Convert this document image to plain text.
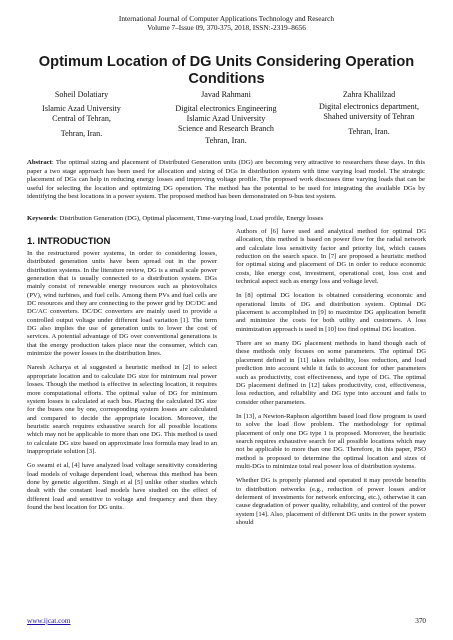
International Journal of Computer Applications Technology and Research
Volume 7–Issue 09, 370-375, 2018, ISSN:-2319–8656
Optimum Location of DG Units Considering Operation
Conditions
Soheil Dolatiary
Islamic Azad University
Central of Tehran,
Tehran, Iran.
Javad Rahmani
Digital electronics Engineering
Islamic Azad University
Science and Research Branch
Tehran, Iran.
Zahra Khalilzad
Digital electronics department,
Shahed university of Tehran
Tehran, Iran.
Abstract: The optimal sizing and placement of Distributed Generation units (DG) are becoming very attractive to researchers these days. In this paper a two stage approach has been used for allocation and sizing of DGs in distribution system with time varying load model. The strategic placement of DGs can help in reducing energy losses and improving voltage profile. The proposed work discusses time varying loads that can be useful for selecting the location and optimizing DG operation. The method has the potential to be used for integrating the available DGs by identifying the best locations in a power system. The proposed method has been demonstrated on 9-bus test system.
Keywords: Distribution Generation (DG), Optimal placement, Time-varying load, Load profile, Energy losses
1. INTRODUCTION

In the restructured power systems, in order to considering losses, distributed generation units have been spread out in the power distribution systems. In the literature review, DG is a small scale power generation that is usually connected to a distribution system. DGs mainly consist of renewable energy resources such as photovoltaics (PV), wind turbines, and fuel cells. Among them PVs and fuel cells are DC resources and they are connecting to the power grid by DC/DC and DC/AC converters. DC/DC converters are mainly used to provide a controlled output voltage under different load variation [1]. The term DG also implies the use of generation units to lower the cost of services. A potential advantage of DG over conventional generations is that the energy production takes place near the consumer, which can minimize the power losses in the distribution lines.

Naresh Acharya et al suggested a heuristic method in [2] to select appropriate location and to calculate DG size for minimum real power losses. Though the method is effective in selecting location, it requires more computational efforts. The optimal value of DG for minimum system losses is calculated at each bus. Placing the calculated DG size for the buses one by one, corresponding system losses are calculated and compared to decide the appropriate location. Moreover, the heuristic search requires exhaustive search for all possible locations which may not be applicable to more than one DG. This method is used to calculate DG size based on approximate loss formula may lead to an inappropriate solution [3].

Go swami et al, [4] have analyzed load voltage sensitivity considering load models of voltage dependent load, whereas this method has been done by genetic algorithm. Singh et al [5] unlike other studies which dealt with the constant load models have studied on the effect of different load and sensitive to voltage and frequency and then they found the best location for DG units.

Authors of [6] have used and analytical method for optimal DG allocation, this method is based on power flow for the radial network and calculate loss sensitivity factor and priority list, which causes reduction on the search space. In [7] are proposed a heuristic method for optimal sizing and placement of DG in order to reduce economic costs, like energy cost, investment, operational cost, loss cost and technical aspect such as energy loss and voltage level.

In [8] optimal DG location is obtained considering economic and operational limits of DG and distribution system. Optimal DG placement is accomplished in [9] to maximize DG application benefit and minimize the costs for both utility and customers. A loss minimization approach is used in [10] too find optimal DG location.

There are so many DG placement methods in hand though each of these methods only focuses on some parameters. The optimal DG placement defined in [11] takes reliability, loss reduction, and load prediction into account while it fails to account for other parameters such as productivity, cost effectiveness, and type of DG. The optimal DG placement defined in [12] takes productivity, cost, effectiveness, loss reduction, and reliability and DG type into account and fails to consider other parameters.

In [13], a Newton-Raphson algorithm based load flow program is used to solve the load flow problem. The methodology for optimal placement of only one DG type 1 is proposed. Moreover, the heuristic search requires exhaustive search for all possible locations which may not be applicable to more than one DG. Therefore, in this paper, PSO method is proposed to determine the optimal location and sizes of multi-DGs to minimize total real power loss of distribution systems.

Whether DG is properly planned and operated it may provide benefits to distribution networks (e.g., reduction of power losses and/or deferment of investments for network enforcing, etc.), otherwise it can cause degradation of power quality, reliability, and control of the power system [14]. Also, placement of different DG units in the power system should

www.ijcat.com	370
